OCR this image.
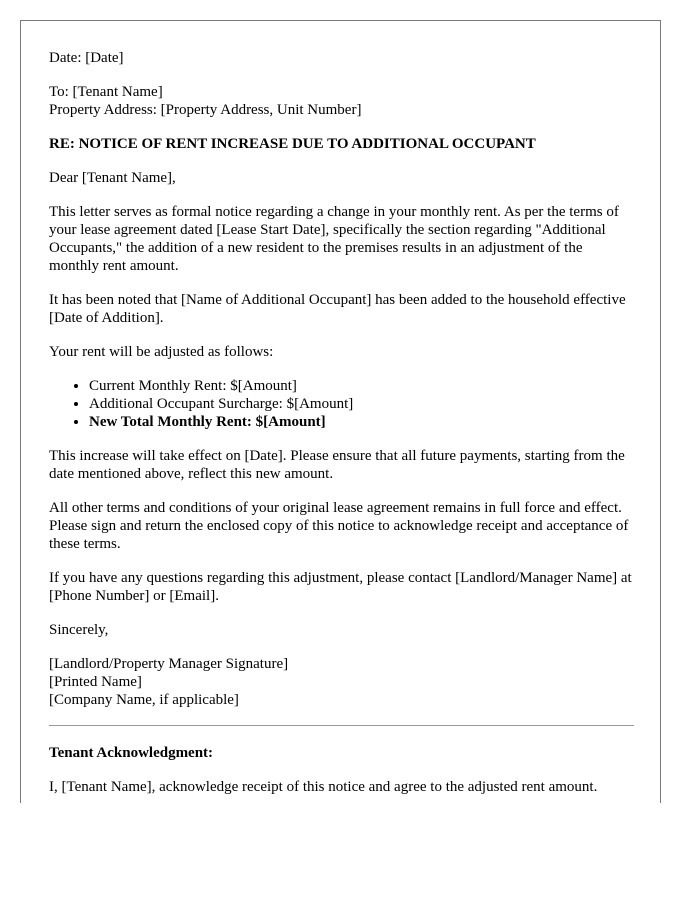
Date: [Date]

To: [Tenant Name]
Property Address: [Property Address, Unit Number]

RE: NOTICE OF RENT INCREASE DUE TO ADDITIONAL OCCUPANT

Dear [Tenant Name],

This letter serves as formal notice regarding a change in your monthly rent. As per the terms of your lease agreement dated [Lease Start Date], specifically the section regarding "Additional Occupants," the addition of a new resident to the premises results in an adjustment of the monthly rent amount.

It has been noted that [Name of Additional Occupant] has been added to the household effective [Date of Addition].

Your rent will be adjusted as follows:

• Current Monthly Rent: $[Amount]
• Additional Occupant Surcharge: $[Amount]
• New Total Monthly Rent: $[Amount]

This increase will take effect on [Date]. Please ensure that all future payments, starting from the date mentioned above, reflect this new amount.

All other terms and conditions of your original lease agreement remains in full force and effect. Please sign and return the enclosed copy of this notice to acknowledge receipt and acceptance of these terms.

If you have any questions regarding this adjustment, please contact [Landlord/Manager Name] at [Phone Number] or [Email].

Sincerely,

[Landlord/Property Manager Signature]
[Printed Name]
[Company Name, if applicable]

Tenant Acknowledgment:

I, [Tenant Name], acknowledge receipt of this notice and agree to the adjusted rent amount.
